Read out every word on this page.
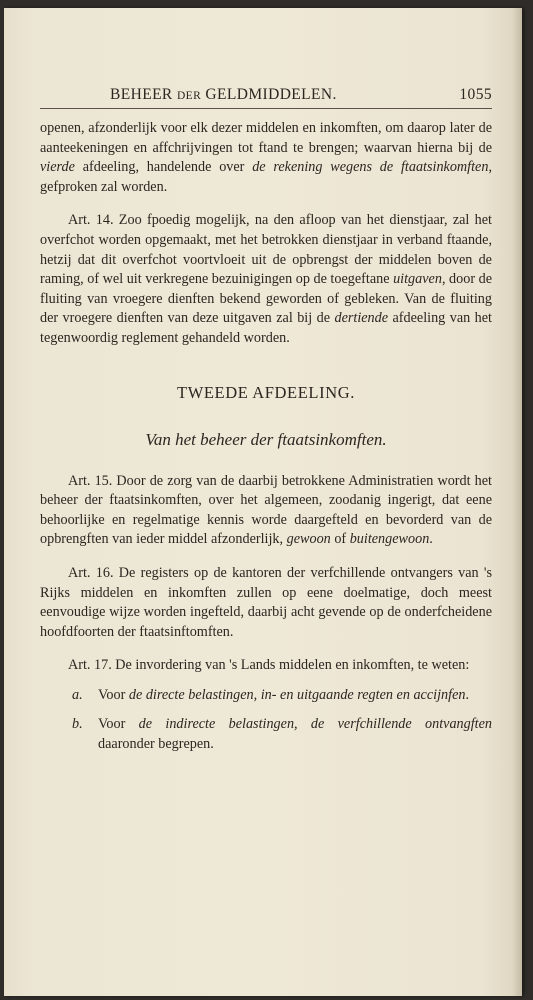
BEHEER DER GELDMIDDELEN.	1055

openen, afzonderlijk voor elk dezer middelen en inkomften, om daarop later de aanteekeningen en affchrijvingen tot ftand te brengen; waarvan hierna bij de vierde afdeeling, handelende over de rekening wegens de ftaatsinkomften, gefproken zal worden.

Art. 14. Zoo fpoedig mogelijk, na den afloop van het dienstjaar, zal het overfchot worden opgemaakt, met het betrokken dienstjaar in verband ftaande, hetzij dat dit overfchot voortvloeit uit de opbrengst der middelen boven de raming, of wel uit verkregene bezuinigingen op de toegeftane uitgaven, door de fluiting van vroegere dienften bekend geworden of gebleken. Van de fluiting der vroegere dienften van deze uitgaven zal bij de dertiende afdeeling van het tegenwoordig reglement gehandeld worden.

TWEEDE AFDEELING.
Van het beheer der ftaatsinkomften.

Art. 15. Door de zorg van de daarbij betrokkene Administratien wordt het beheer der ftaatsinkomften, over het algemeen, zoodanig ingerigt, dat eene behoorlijke en regelmatige kennis worde daargefteld en bevorderd van de opbrengften van ieder middel afzonderlijk, gewoon of buitengewoon.

Art. 16. De registers op de kantoren der verfchillende ontvangers van 's Rijks middelen en inkomften zullen op eene doelmatige, doch meest eenvoudige wijze worden ingefteld, daarbij acht gevende op de onderfcheidene hoofdfoorten der ftaatsinftomften.

Art. 17. De invordering van 's Lands middelen en inkomften, te weten:

a. Voor de directe belastingen, in- en uitgaande regten en accijnfen.

b. Voor de indirecte belastingen, de verfchillende ontvangften daaronder begrepen.
